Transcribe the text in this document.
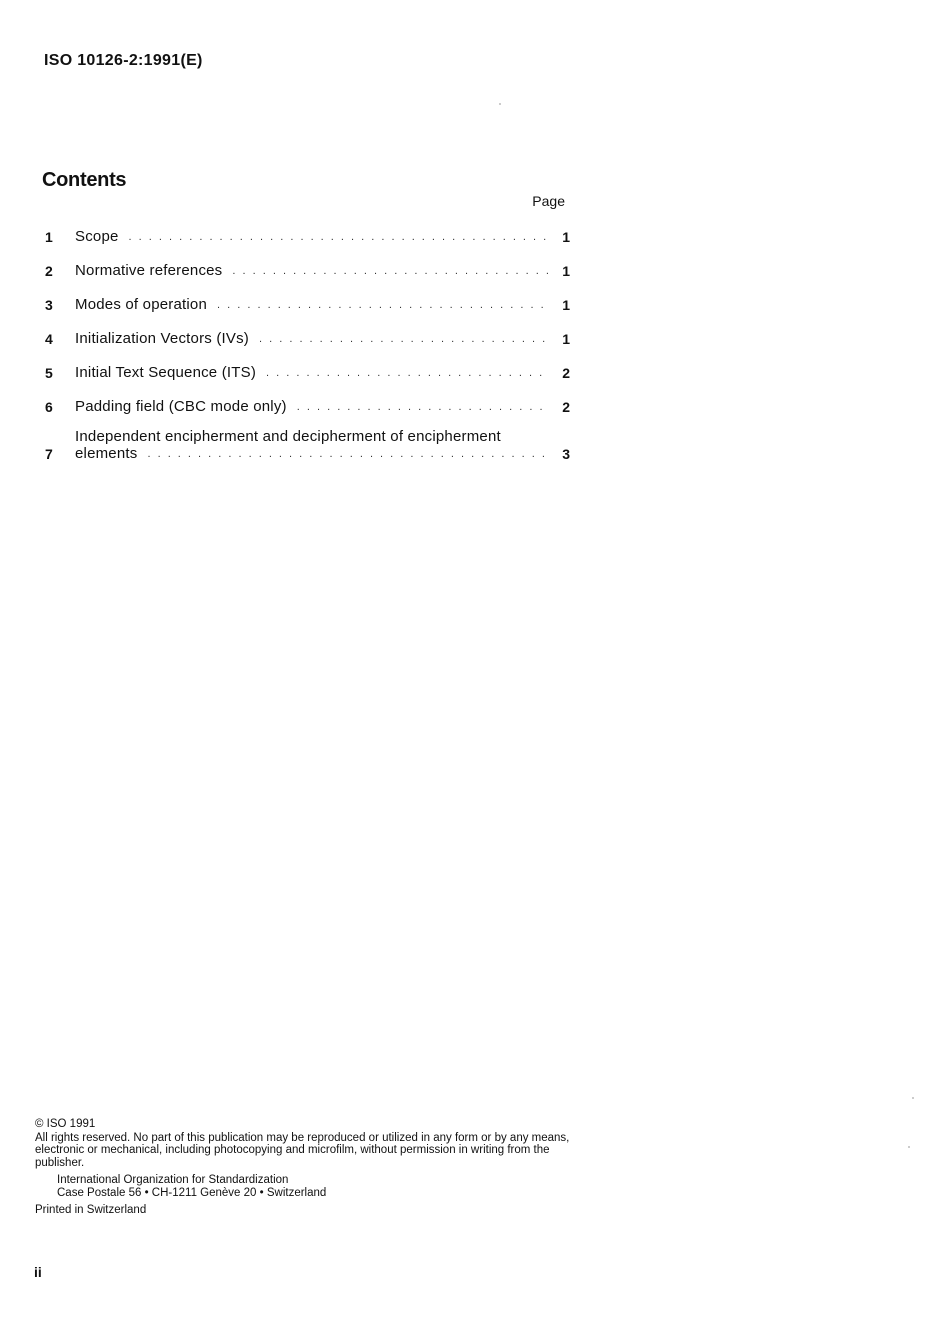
ISO 10126-2:1991(E)
Contents
Page
1	Scope . . .	1
2	Normative references . . .	1
3	Modes of operation . . .	1
4	Initialization Vectors (IVs) . . .	1
5	Initial Text Sequence (ITS) . . .	2
6	Padding field (CBC mode only) . . .	2
7
Independent encipherment and decipherment of encipherment
elements . . .	3
© ISO 1991

All rights reserved. No part of this publication may be reproduced or utilized in any form or by any means, electronic or mechanical, including photocopying and microfilm, without permission in writing from the publisher.

International Organization for Standardization
Case Postale 56 • CH-1211 Genève 20 • Switzerland

Printed in Switzerland

ii
